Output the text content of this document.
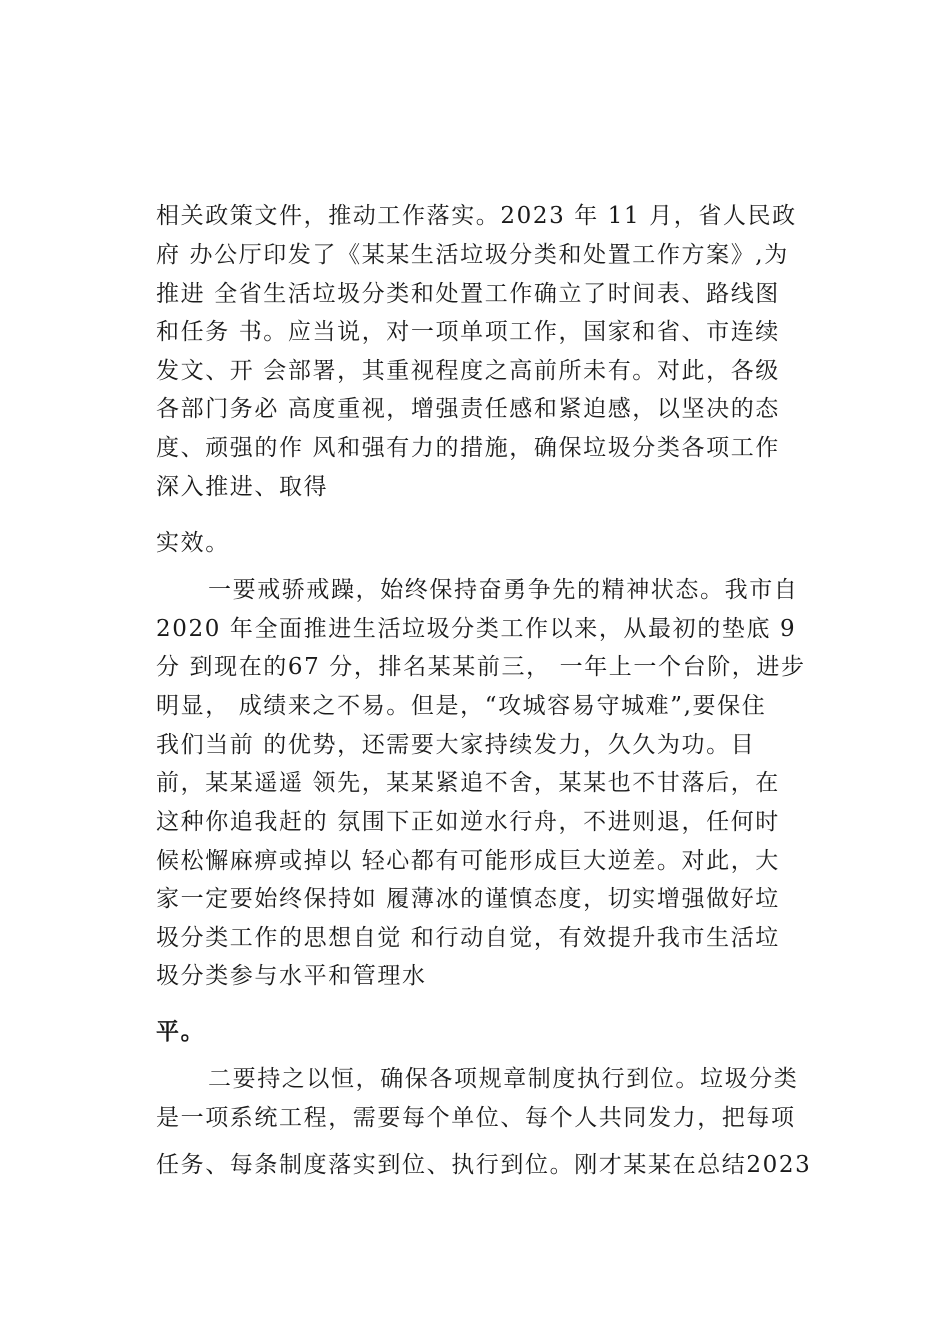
相关政策文件，推动工作落实。2023 年 11 月，省人民政
府 办公厅印发了《某某生活垃圾分类和处置工作方案》,为
推进 全省生活垃圾分类和处置工作确立了时间表、路线图
和任务 书。应当说，对一项单项工作，国家和省、市连续
发文、开 会部署，其重视程度之高前所未有。对此，各级
各部门务必 高度重视，增强责任感和紧迫感，以坚决的态
度、顽强的作 风和强有力的措施，确保垃圾分类各项工作
深入推进、取得
实效。
一要戒骄戒躁，始终保持奋勇争先的精神状态。我市自
2020 年全面推进生活垃圾分类工作以来，从最初的垫底 9
分 到现在的67 分，排名某某前三， 一年上一个台阶，进步
明显， 成绩来之不易。但是，“攻城容易守城难”,要保住
我们当前 的优势，还需要大家持续发力，久久为功。目
前，某某遥遥 领先，某某紧追不舍，某某也不甘落后，在
这种你追我赶的 氛围下正如逆水行舟，不进则退，任何时
候松懈麻痹或掉以 轻心都有可能形成巨大逆差。对此，大
家一定要始终保持如 履薄冰的谨慎态度，切实增强做好垃
圾分类工作的思想自觉 和行动自觉，有效提升我市生活垃
圾分类参与水平和管理水
平。
二要持之以恒，确保各项规章制度执行到位。垃圾分类
是一项系统工程，需要每个单位、每个人共同发力，把每项
任务、每条制度落实到位、执行到位。刚才某某在总结2023
